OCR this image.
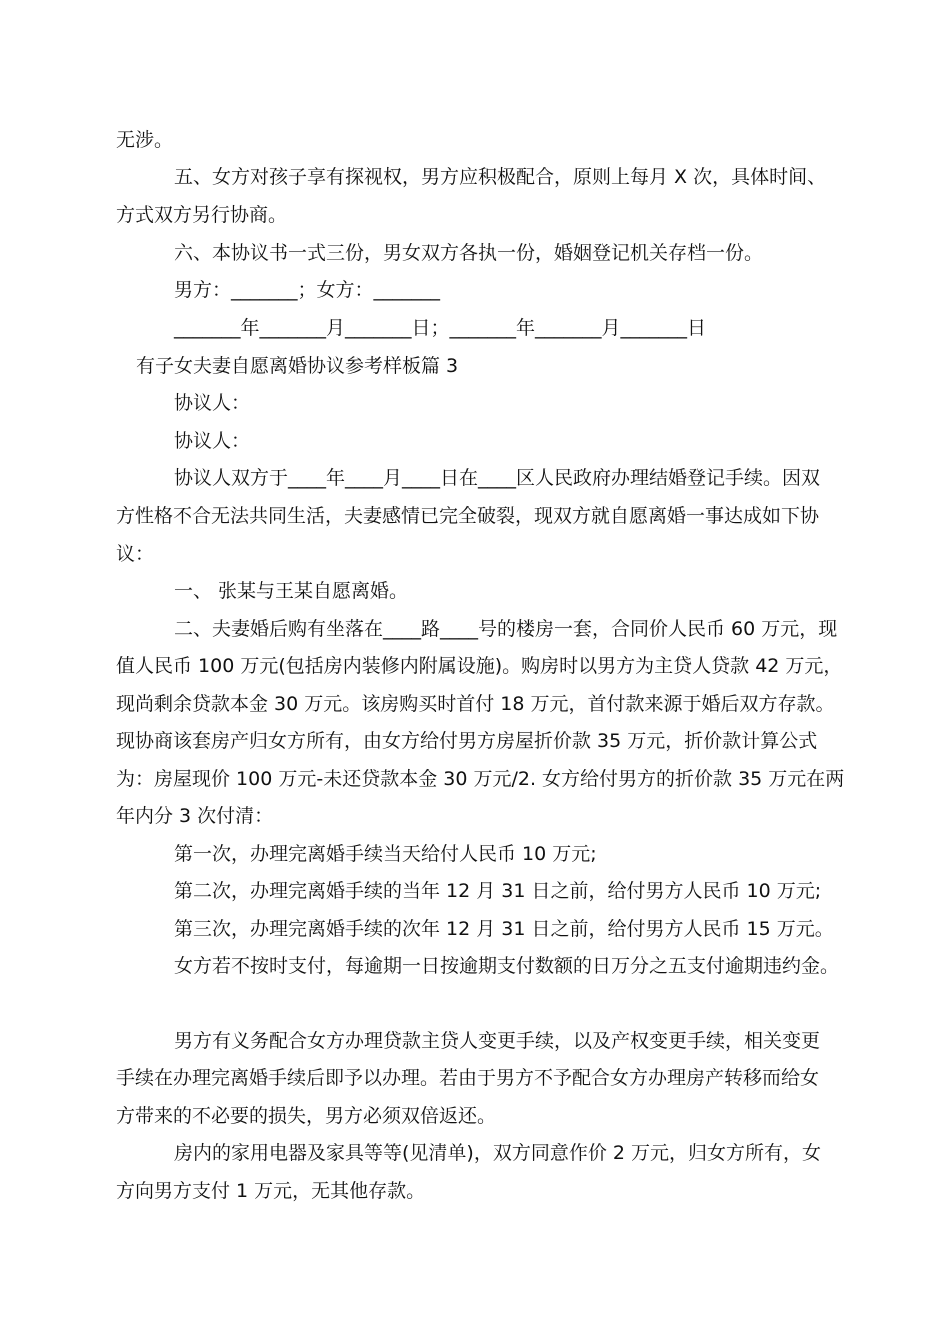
无涉。
五、女方对孩子享有探视权，男方应积极配合，原则上每月 X 次，具体时间、
方式双方另行协商。
六、本协议书一式三份，男女双方各执一份，婚姻登记机关存档一份。
男方：_______；女方：_______
_______年_______月_______日；_______年_______月_______日
有子女夫妻自愿离婚协议参考样板篇 3
协议人：
协议人：
协议人双方于____年____月____日在____区人民政府办理结婚登记手续。因双
方性格不合无法共同生活，夫妻感情已完全破裂，现双方就自愿离婚一事达成如下协
议：
一、 张某与王某自愿离婚。
二、夫妻婚后购有坐落在____路____号的楼房一套，合同价人民币 60 万元，现
值人民币 100 万元(包括房内装修内附属设施)。购房时以男方为主贷人贷款 42 万元，
现尚剩余贷款本金 30 万元。该房购买时首付 18 万元，首付款来源于婚后双方存款。
现协商该套房产归女方所有，由女方给付男方房屋折价款 35 万元，折价款计算公式
为：房屋现价 100 万元-未还贷款本金 30 万元/2. 女方给付男方的折价款 35 万元在两
年内分 3 次付清：
第一次，办理完离婚手续当天给付人民币 10 万元;
第二次，办理完离婚手续的当年 12 月 31 日之前，给付男方人民币 10 万元;
第三次，办理完离婚手续的次年 12 月 31 日之前，给付男方人民币 15 万元。
女方若不按时支付，每逾期一日按逾期支付数额的日万分之五支付逾期违约金。
男方有义务配合女方办理贷款主贷人变更手续，以及产权变更手续，相关变更
手续在办理完离婚手续后即予以办理。若由于男方不予配合女方办理房产转移而给女
方带来的不必要的损失，男方必须双倍返还。
房内的家用电器及家具等等(见清单)，双方同意作价 2 万元，归女方所有，女
方向男方支付 1 万元，无其他存款。
